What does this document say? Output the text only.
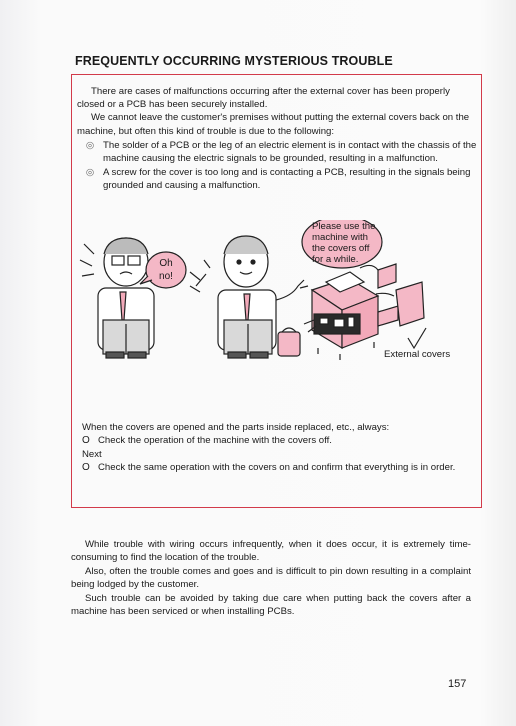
FREQUENTLY OCCURRING MYSTERIOUS TROUBLE

There are cases of malfunctions occurring after the external cover has been properly closed or a PCB has been securely installed.

We cannot leave the customer's premises without putting the external covers back on the machine, but often this kind of trouble is due to the following:

◎ The solder of a PCB or the leg of an electric element is in contact with the chassis of the machine causing the electric signals to be grounded, resulting in a malfunction.
◎ A screw for the cover is too long and is contacting a PCB, resulting in the signals being grounded and causing a malfunction.
Oh
no!
Please use the
machine with
the covers off
for a while.
External covers
When the covers are opened and the parts inside replaced, etc., always:
O Check the operation of the machine with the covers off.
Next
O Check the same operation with the covers on and confirm that everything is in order.

While trouble with wiring occurs infrequently, when it does occur, it is extremely time-consuming to find the location of the trouble.

Also, often the trouble comes and goes and is difficult to pin down resulting in a complaint being lodged by the customer.

Such trouble can be avoided by taking due care when putting back the covers after a machine has been serviced or when installing PCBs.

157
